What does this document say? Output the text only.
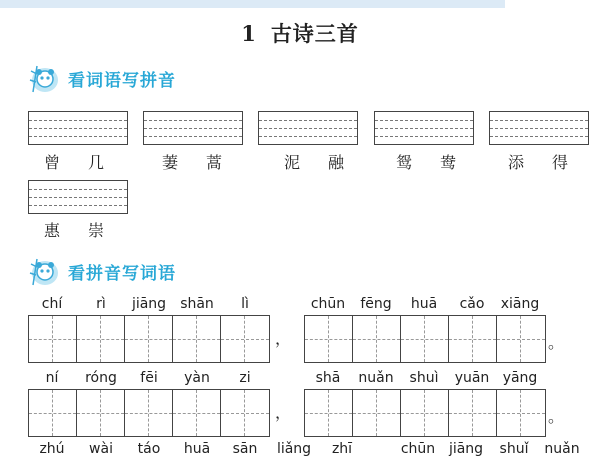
1 古诗三首
看词语写拼音
曾 几	萋 蒿	泥 融	鸳 鸯	添 得
惠 崇
看拼音写词语
chí rì jiāng shān lì	chūn fēng huā cǎo xiāng
，	。
ní róng fēi yàn zi	shā nuǎn shuì yuān yāng
，	。
zhú wài táo huā sān liǎng zhī	chūn jiāng shuǐ nuǎn
